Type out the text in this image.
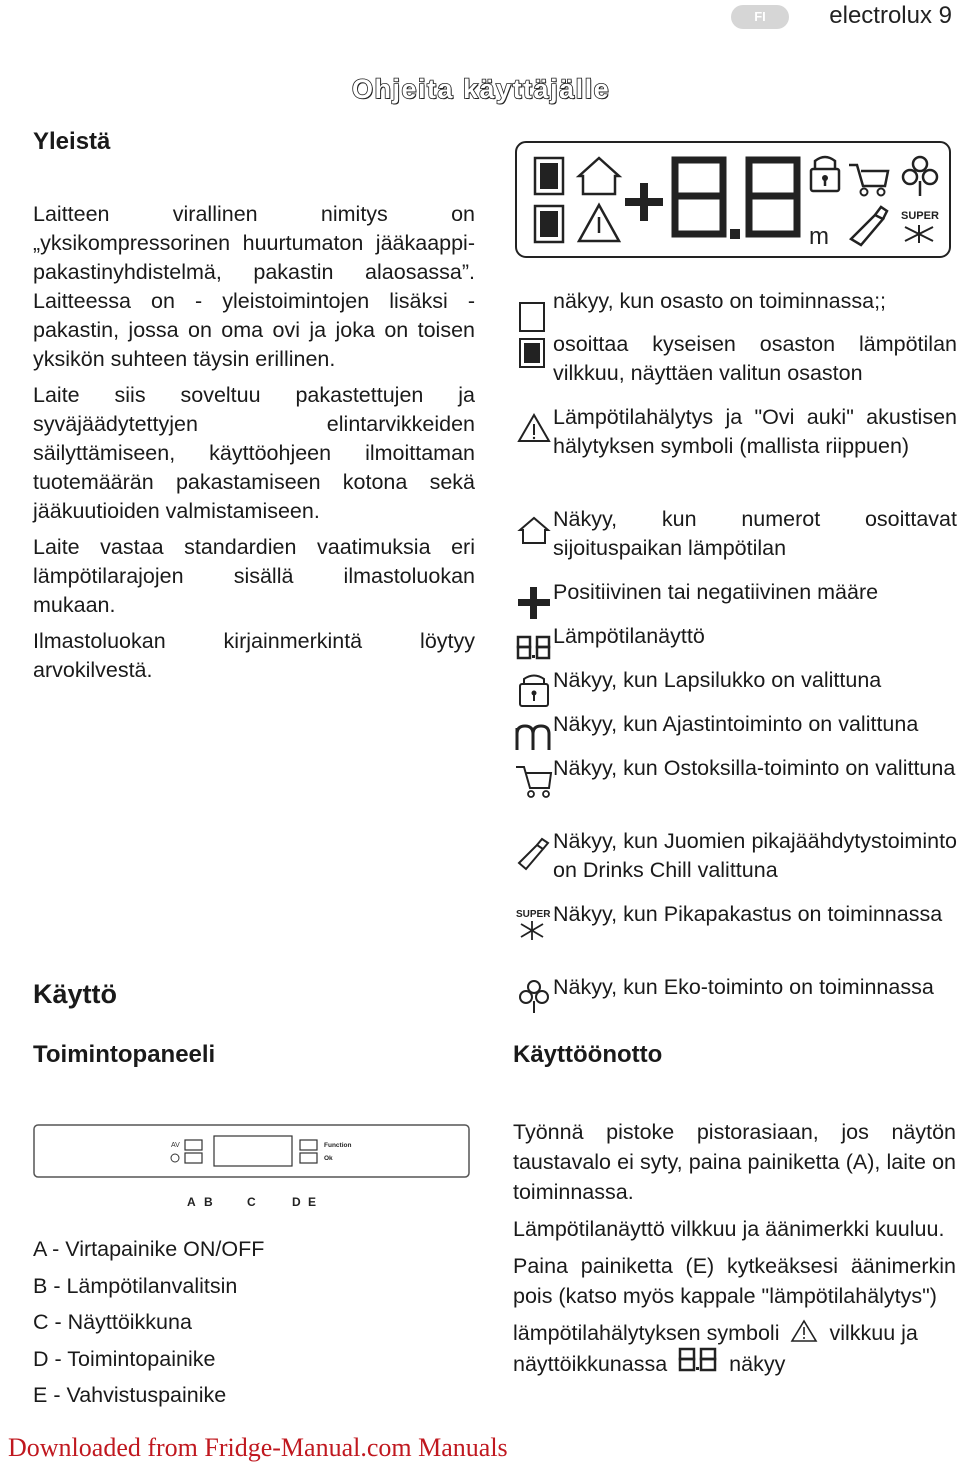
FI	electrolux 9
Ohjeita käyttäjälle
Yleistä

Laitteen virallinen nimitys on „yksikompressorinen huurtumaton jääkaappi-pakastinyhdistelmä, pakastin alaosassa”. Laitteessa on - yleistoimintojen lisäksi - pakastin, jossa on oma ovi ja joka on toisen yksikön suhteen täysin erillinen.

Laite siis soveltuu pakastettujen ja syväjäädytettyjen elintarvikkeiden säilyttämiseen, käyttöohjeen ilmoittaman tuotemäärän pakastamiseen kotona sekä jääkuutioiden valmistamiseen.

Laite vastaa standardien vaatimuksia eri lämpötilarajojen sisällä ilmastoluokan mukaan.

Ilmastoluokan kirjainmerkintä löytyy arvokilvestä.

m
SUPER
näkyy, kun osasto on toiminnassa;;
osoittaa kyseisen osaston lämpötilan vilkkuu, näyttäen valitun osaston
Lämpötilahälytys ja "Ovi auki" akustisen hälytyksen symboli (mallista riippuen)
Näkyy, kun numerot osoittavat sijoituspaikan lämpötilan
Positiivinen tai negatiivinen määre
Lämpötilanäyttö
Näkyy, kun Lapsilukko on valittuna
Näkyy, kun Ajastintoiminto on valittuna
Näkyy, kun Ostoksilla-toiminto on valittuna
Näkyy, kun Juomien pikajäähdytystoiminto on Drinks Chill valittuna
SUPER Näkyy, kun Pikapakastus on toiminnassa
Näkyy, kun Eko-toiminto on toiminnassa
Käyttö
Toimintopaneeli	Käyttöönotto
AV	Function
Ok
A B	C	D E
A - Virtapainike ON/OFF
B - Lämpötilanvalitsin
C - Näyttöikkuna
D - Toimintopainike
E - Vahvistuspainike

Työnnä pistoke pistorasiaan, jos näytön taustavalo ei syty, paina painiketta (A), laite on toiminnassa.

Lämpötilanäyttö vilkkuu ja äänimerkki kuuluu.

Paina painiketta (E) kytkeäksesi äänimerkin pois (katso myös kappale "lämpötilahälytys")

lämpötilahälytyksen symboli vilkkuu ja
näyttöikkunassa	näkyy
Downloaded from Fridge-Manual.com Manuals
